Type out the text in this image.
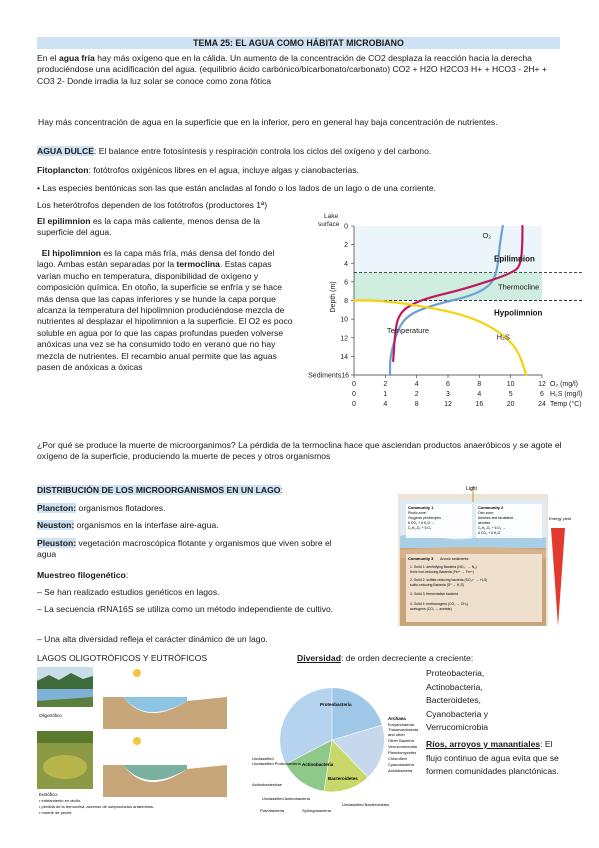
TEMA 25: EL AGUA COMO HÁBITAT MICROBIANO
En el agua fría hay más oxígeno que en la cálida. Un aumento de la concentración de CO2 desplaza la reacción hacia la derecha produciéndose una acidificación del agua. (equilibrio ácido carbónico/bicarbonato/carbonato) CO2 + H2O H2CO3 H+ + HCO3 - 2H+ + CO3 2- Donde irradia la luz solar se conoce como zona fótica
Hay más concentración de agua en la superficie que en la inferior, pero en general hay baja concentración de nutrientes.
AGUA DULCE: El balance entre fotosíntesis y respiración controla los ciclos del oxígeno y del carbono.
Fitoplancton: fotótrofos oxigénicos libres en el agua, incluye algas y cianobacterias.
• Las especies bentónicas son las que están ancladas al fondo o los lados de un lago o de una corriente.
Los heterótrofos dependen de los fotótrofos (productores 1ª)
El epilimnion es la capa más caliente, menos densa de la superficie del agua.
El hipolimnion es la capa más fría, más densa del fondo del lago. Ambas están separadas por la termoclina. Estas capas varían mucho en temperatura, disponibilidad de oxígeno y composición química. En otoño, la superficie se enfría y se hace más densa que las capas inferiores y se hunde la capa porque alcanza la temperatura del hipolimnion produciéndose mezcla de nutrientes al desplazar el hipolimnion a la superficie. El O2 es poco soluble en agua por lo que las capas profundas pueden volverse anóxicas una vez se ha consumido todo en verano que no hay mezcla de nutrientes. El recambio anual permite que las aguas pasen de anóxicas a óxicas
2
4
6
8
10
12
14
0
Sediments16
Lake
surface
Depth (m)
0	2	4	6	8	10	12 O₂ (mg/l)
0	1	2	3	4	5	6 H₂S (mg/l)
0	4	8	12	16	20	24 Temp (°C)
O₂
Temperature
H₂S
Epilimnion
Thermocline
Hypolimnion
¿Por qué se produce la muerte de microorganimos? La pérdida de la termoclina hace que asciendan productos anaeróbicos y se agote el oxígeno de la superficie, produciendo la muerte de peces y otros organismos
DISTRIBUCIÓN DE LOS MICROORGANISMOS EN UN LAGO:
Plancton: organismos flotadores.
Neuston: organismos en la interfase aire-agua.
Pleuston: vegetación macroscópica flotante y organismos que viven sobre el agua
Muestreo filogenético:
– Se han realizado estudios genéticos en lagos.
– La secuencia rRNA16S se utiliza como un método independiente de cultivo.
– Una alta diversidad refleja el carácter dinámico de un lago.
Light
Community 1
Photic zone:
Oxygenic phototrophs
6 CO₂ + 6 H₂O →
C₆H₁₂O₆ + 6 O₂
Community 2
Oxic zone:
Aerobes and facultative
aerobes
C₆H₁₂O₆ + 6 O₂ →
6 CO₂ + 6 H₂O
Community 3 Anoxic sediments:
1. Guild 1: denitrifying Bacteria (NO₃⁻ → N₂)
ferric iron-reducing Bacteria (Fe³⁺ → Fe²⁺)
2. Guild 2: sulfate-reducing bacteria (SO₄²⁻ → H₂S)
sulfur-reducing Bacteria (S⁰ → H₂S)
3. Guild 3: fermentative bacteria
4. Guild 4: methanogens (CO₂ → CH₄)
acetogens (CO₂ → acetate)
Energy yield
LAGOS OLIGOTRÓFICOS Y EUTRÓFICOS
Oligotrófico
Eutrófico:
• enfriamiento en otoño.
• pérdida de la termoclina, ascenso de subproductos anaerobios.
• muerte de peces.
Diversidad: de orden decreciente a creciente:
Proteobacteria
Actinobacteria
Bacteroidetes
Archaea
Euryarchaeota
Thaumarchaeota
and other
Other Bacteria
Verrucomicrobia
Planctomycetes
Chloroflexi
Cyanobacteria
Acidobacteria
Unclassified
Unclassified Proteobacteria
Actinobacteridae
Unclassified Actinobacteria
Flavobacteria	Sphingobacteria
Unclassified Bacteroidetes
Proteobacteria,
Actinobacteria,
Bacteroidetes,
Cyanobacteria y
Verrucomicrobia
Ríos, arroyos y manantiales: El flujo continuo de agua evita que se formen comunidades planctónicas.
